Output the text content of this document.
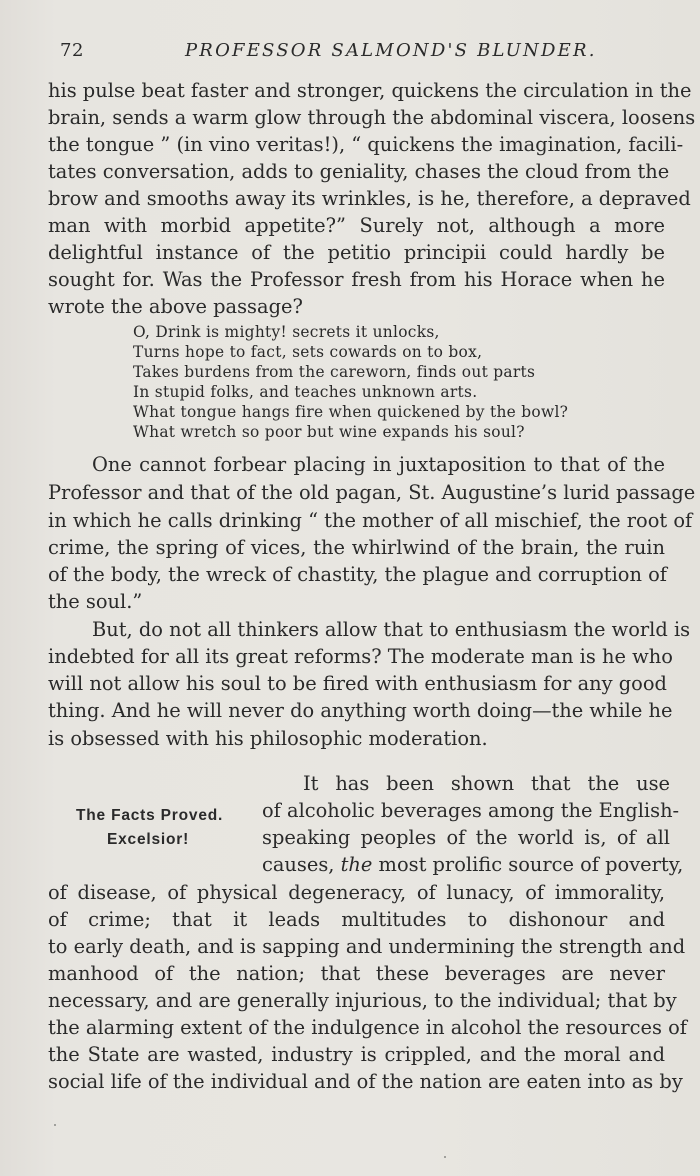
72	PROFESSOR SALMOND'S BLUNDER.
his pulse beat faster and stronger, quickens the circulation in the
brain, sends a warm glow through the abdominal viscera, loosens
the tongue ” (in vino veritas!), “ quickens the imagination, facili-
tates conversation, adds to geniality, chases the cloud from the
brow and smooths away its wrinkles, is he, therefore, a depraved
man with morbid appetite?” Surely not, although a more
delightful instance of the petitio principii could hardly be
sought for. Was the Professor fresh from his Horace when he
wrote the above passage?
O, Drink is mighty! secrets it unlocks,
Turns hope to fact, sets cowards on to box,
Takes burdens from the careworn, finds out parts
In stupid folks, and teaches unknown arts.
What tongue hangs fire when quickened by the bowl?
What wretch so poor but wine expands his soul?
One cannot forbear placing in juxtaposition to that of the
Professor and that of the old pagan, St. Augustine’s lurid passage
in which he calls drinking “ the mother of all mischief, the root of
crime, the spring of vices, the whirlwind of the brain, the ruin
of the body, the wreck of chastity, the plague and corruption of
the soul.”
But, do not all thinkers allow that to enthusiasm the world is
indebted for all its great reforms? The moderate man is he who
will not allow his soul to be fired with enthusiasm for any good
thing. And he will never do anything worth doing—the while he
is obsessed with his philosophic moderation.
The Facts Proved.
Excelsior!
It has been shown that the use
of alcoholic beverages among the English-
speaking peoples of the world is, of all
causes, the most prolific source of poverty,
of disease, of physical degeneracy, of lunacy, of immorality,
of crime; that it leads multitudes to dishonour and
to early death, and is sapping and undermining the strength and
manhood of the nation; that these beverages are never
necessary, and are generally injurious, to the individual; that by
the alarming extent of the indulgence in alcohol the resources of
the State are wasted, industry is crippled, and the moral and
social life of the individual and of the nation are eaten into as by
